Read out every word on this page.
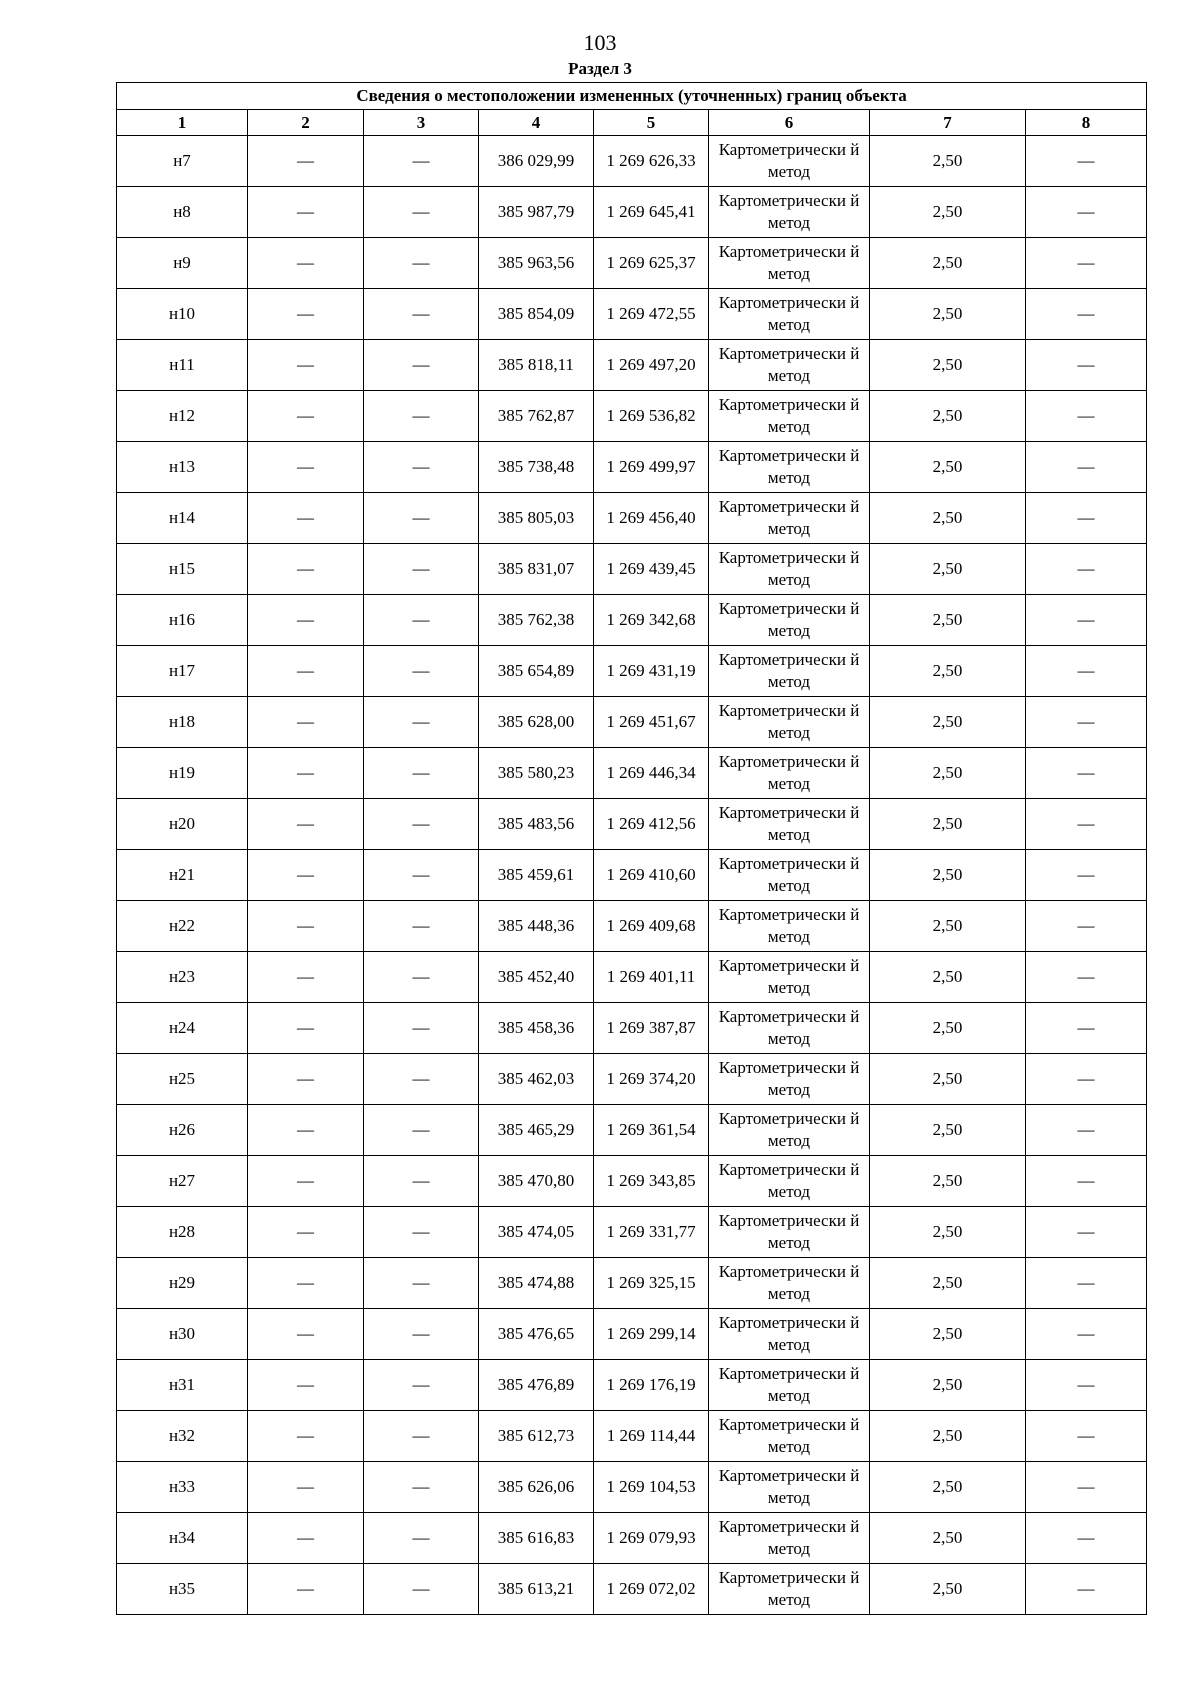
103
Раздел 3
Сведения о местоположении измененных (уточненных) границ объекта							
1	2	3	4	5	6	7	8
н7	—	—	386 029,99	1 269 626,33	Картометрически й метод	2,50	—
н8	—	—	385 987,79	1 269 645,41	Картометрически й метод	2,50	—
н9	—	—	385 963,56	1 269 625,37	Картометрически й метод	2,50	—
н10	—	—	385 854,09	1 269 472,55	Картометрически й метод	2,50	—
н11	—	—	385 818,11	1 269 497,20	Картометрически й метод	2,50	—
н12	—	—	385 762,87	1 269 536,82	Картометрически й метод	2,50	—
н13	—	—	385 738,48	1 269 499,97	Картометрически й метод	2,50	—
н14	—	—	385 805,03	1 269 456,40	Картометрически й метод	2,50	—
н15	—	—	385 831,07	1 269 439,45	Картометрически й метод	2,50	—
н16	—	—	385 762,38	1 269 342,68	Картометрически й метод	2,50	—
н17	—	—	385 654,89	1 269 431,19	Картометрически й метод	2,50	—
н18	—	—	385 628,00	1 269 451,67	Картометрически й метод	2,50	—
н19	—	—	385 580,23	1 269 446,34	Картометрически й метод	2,50	—
н20	—	—	385 483,56	1 269 412,56	Картометрически й метод	2,50	—
н21	—	—	385 459,61	1 269 410,60	Картометрически й метод	2,50	—
н22	—	—	385 448,36	1 269 409,68	Картометрически й метод	2,50	—
н23	—	—	385 452,40	1 269 401,11	Картометрически й метод	2,50	—
н24	—	—	385 458,36	1 269 387,87	Картометрически й метод	2,50	—
н25	—	—	385 462,03	1 269 374,20	Картометрически й метод	2,50	—
н26	—	—	385 465,29	1 269 361,54	Картометрически й метод	2,50	—
н27	—	—	385 470,80	1 269 343,85	Картометрически й метод	2,50	—
н28	—	—	385 474,05	1 269 331,77	Картометрически й метод	2,50	—
н29	—	—	385 474,88	1 269 325,15	Картометрически й метод	2,50	—
н30	—	—	385 476,65	1 269 299,14	Картометрически й метод	2,50	—
н31	—	—	385 476,89	1 269 176,19	Картометрически й метод	2,50	—
н32	—	—	385 612,73	1 269 114,44	Картометрически й метод	2,50	—
н33	—	—	385 626,06	1 269 104,53	Картометрически й метод	2,50	—
н34	—	—	385 616,83	1 269 079,93	Картометрически й метод	2,50	—
н35	—	—	385 613,21	1 269 072,02	Картометрически й метод	2,50	—
